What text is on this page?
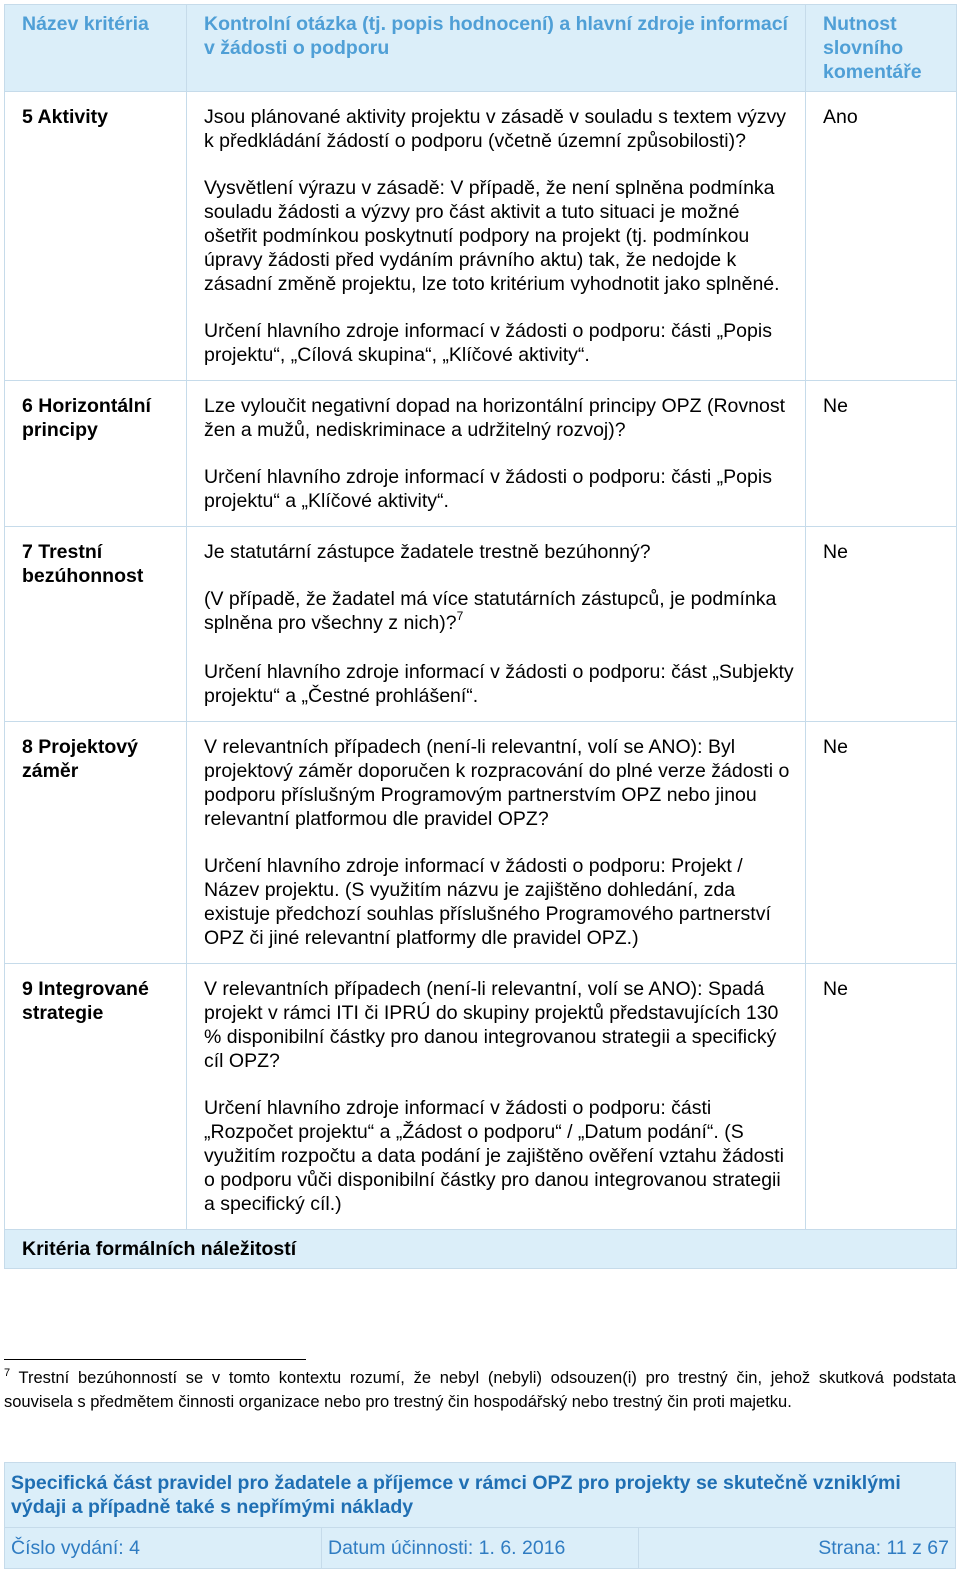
Název kritéria	Kontrolní otázka (tj. popis hodnocení) a hlavní zdroje informací v žádosti o podporu	Nutnost slovního komentáře
5 Aktivity	Jsou plánované aktivity projektu v zásadě v souladu s textem výzvy k předkládání žádostí o podporu (včetně územní způsobilosti)?

Vysvětlení výrazu v zásadě: V případě, že není splněna podmínka souladu žádosti a výzvy pro část aktivit a tuto situaci je možné ošetřit podmínkou poskytnutí podpory na projekt (tj. podmínkou úpravy žádosti před vydáním právního aktu) tak, že nedojde k zásadní změně projektu, lze toto kritérium vyhodnotit jako splněné.

Určení hlavního zdroje informací v žádosti o podporu: části „Popis projektu“, „Cílová skupina“, „Klíčové aktivity“.	Ano
6 Horizontální principy	Lze vyloučit negativní dopad na horizontální principy OPZ (Rovnost žen a mužů, nediskriminace a udržitelný rozvoj)?

Určení hlavního zdroje informací v žádosti o podporu: části „Popis projektu“ a „Klíčové aktivity“.	Ne
7 Trestní bezúhonnost	Je statutární zástupce žadatele trestně bezúhonný?

(V případě, že žadatel má více statutárních zástupců, je podmínka splněna pro všechny z nich)?$^7$

Určení hlavního zdroje informací v žádosti o podporu: část „Subjekty projektu“ a „Čestné prohlášení“.	Ne
8 Projektový záměr	V relevantních případech (není-li relevantní, volí se ANO): Byl projektový záměr doporučen k rozpracování do plné verze žádosti o podporu příslušným Programovým partnerstvím OPZ nebo jinou relevantní platformou dle pravidel OPZ?

Určení hlavního zdroje informací v žádosti o podporu: Projekt / Název projektu. (S využitím názvu je zajištěno dohledání, zda existuje předchozí souhlas příslušného Programového partnerství OPZ či jiné relevantní platformy dle pravidel OPZ.)	Ne
9 Integrované strategie	V relevantních případech (není-li relevantní, volí se ANO): Spadá projekt v rámci ITI či IPRÚ do skupiny projektů představujících 130 % disponibilní částky pro danou integrovanou strategii a specifický cíl OPZ?

Určení hlavního zdroje informací v žádosti o podporu: části „Rozpočet projektu“ a „Žádost o podporu“ / „Datum podání“. (S využitím rozpočtu a data podání je zajištěno ověření vztahu žádosti o podporu vůči disponibilní částky pro danou integrovanou strategii a specifický cíl.)	Ne
Kritéria formálních náležitostí		
$^7$ Trestní bezúhonností se v tomto kontextu rozumí, že nebyl (nebyli) odsouzen(i) pro trestný čin, jehož skutková podstata souvisela s předmětem činnosti organizace nebo pro trestný čin hospodářský nebo trestný čin proti majetku.
Specifická část pravidel pro žadatele a příjemce v rámci OPZ pro projekty se skutečně vzniklými výdaji a případně také s nepřímými náklady
Číslo vydání: 4	Datum účinnosti: 1. 6. 2016	Strana: 11 z 67
